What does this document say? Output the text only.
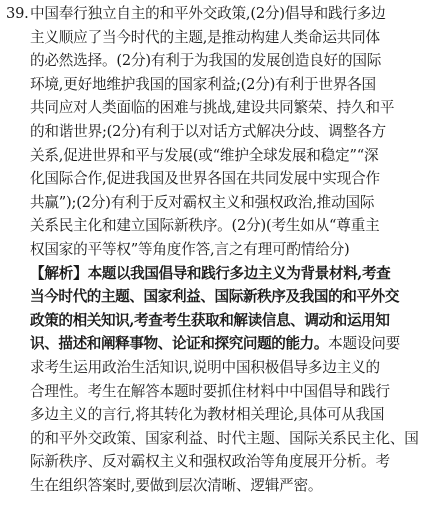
39.中国奉行独立自主的和平外交政策,(2分)倡导和践行多边
主义顺应了当今时代的主题,是推动构建人类命运共同体
的必然选择。(2分)有利于为我国的发展创造良好的国际
环境,更好地维护我国的国家利益;(2分)有利于世界各国
共同应对人类面临的困难与挑战,建设共同繁荣、持久和平
的和谐世界;(2分)有利于以对话方式解决分歧、调整各方
关系,促进世界和平与发展(或“维护全球发展和稳定”“深
化国际合作,促进我国及世界各国在共同发展中实现合作
共赢”);(2分)有利于反对霸权主义和强权政治,推动国际
关系民主化和建立国际新秩序。(2分)(考生如从“尊重主
权国家的平等权”等角度作答,言之有理可酌情给分)
【解析】本题以我国倡导和践行多边主义为背景材料,考查
当今时代的主题、国家利益、国际新秩序及我国的和平外交
政策的相关知识,考查考生获取和解读信息、调动和运用知
识、描述和阐释事物、论证和探究问题的能力。本题设问要
求考生运用政治生活知识,说明中国积极倡导多边主义的
合理性。考生在解答本题时要抓住材料中中国倡导和践行
多边主义的言行,将其转化为教材相关理论,具体可从我国
的和平外交政策、国家利益、时代主题、国际关系民主化、国
际新秩序、反对霸权主义和强权政治等角度展开分析。考
生在组织答案时,要做到层次清晰、逻辑严密。
